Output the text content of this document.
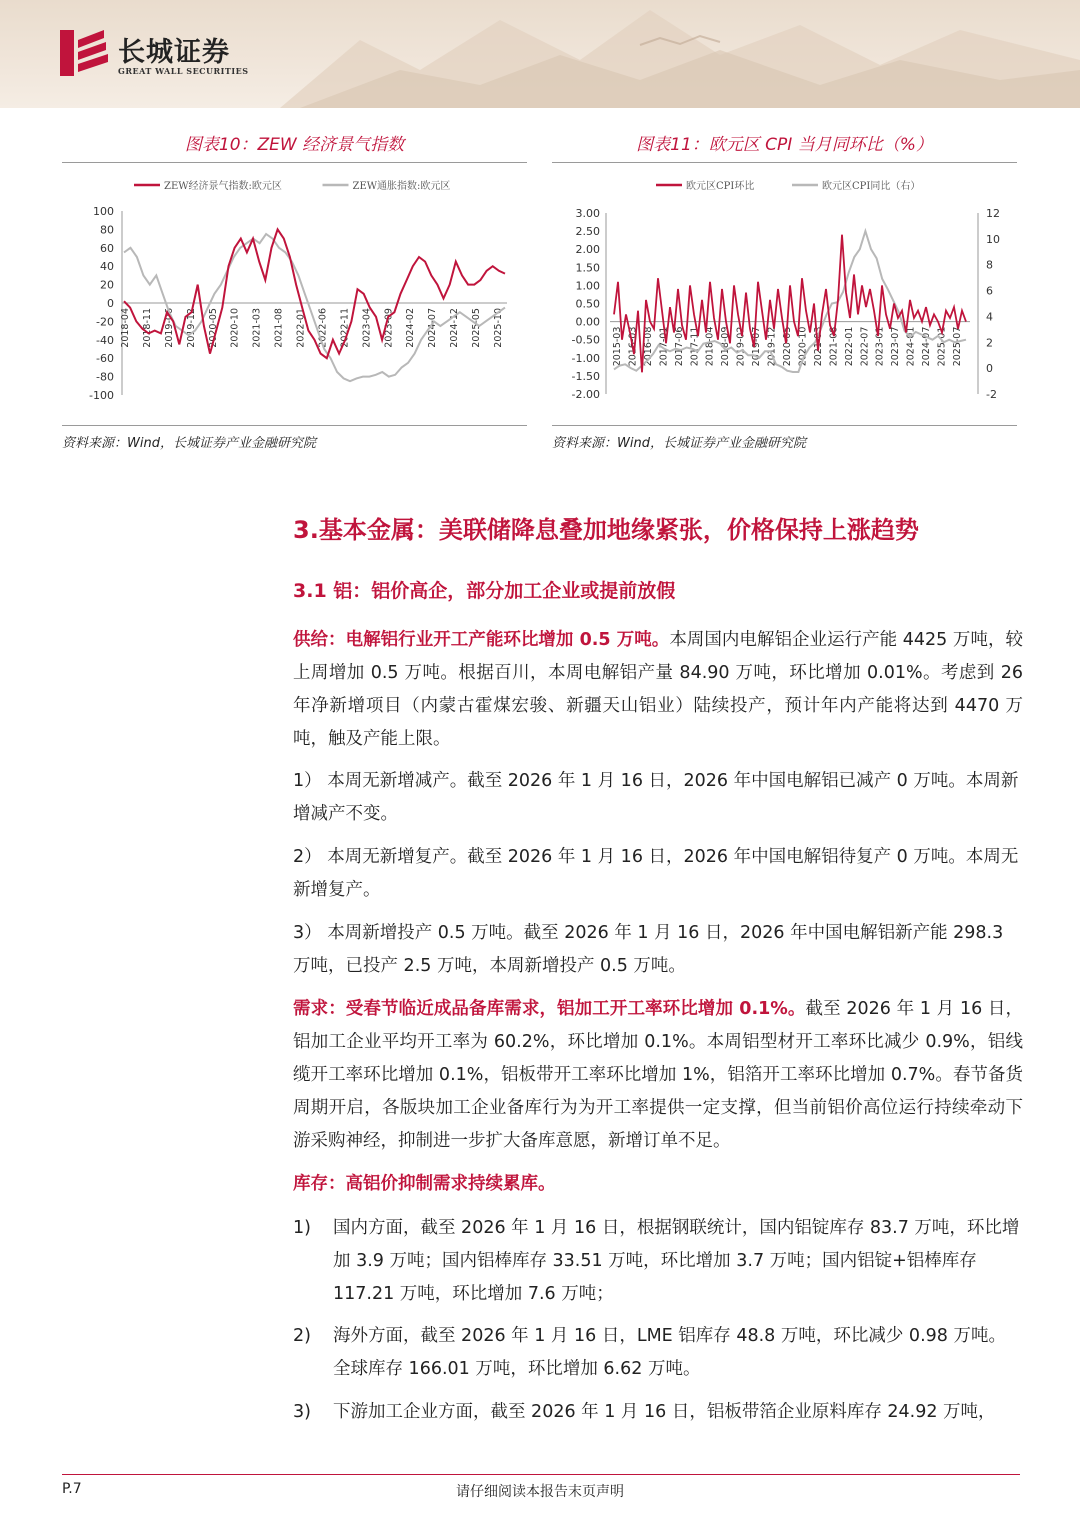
长城证券
GREAT WALL SECURITIES
图表10：ZEW 经济景气指数
ZEW经济景气指数:欧元区	ZEW通胀指数:欧元区
100
80
60
40
20
0
-20
-40
-60
-80
-100
2018-04 2018-11 2019-06 2019-12 2020-05 2020-10 2021-03 2021-08 2022-01 2022-06 2022-11 2023-04 2023-09 2024-02 2024-07 2024-12 2025-05 2025-10
资料来源：Wind，长城证券产业金融研究院
图表11：欧元区 CPI 当月同环比（%）
欧元区CPI环比	欧元区CPI同比（右）
3.00
2.50
2.00
1.50
1.00
0.50
0.00
-0.50
-1.00
-1.50
-2.00
12
10
8
6
4
2
0
-2
2015-03 2016-03 2016-08 2017-01 2017-06 2017-11 2018-04 2018-09 2019-02 2019-07 2019-12 2020-05 2020-10 2021-03 2021-08 2022-01 2022-07 2023-01 2023-07 2024-01 2024-07 2025-01 2025-07
资料来源：Wind，长城证券产业金融研究院
3.基本金属：美联储降息叠加地缘紧张，价格保持上涨趋势
3.1 铝：铝价高企，部分加工企业或提前放假
供给：电解铝行业开工产能环比增加 0.5 万吨。本周国内电解铝企业运行产能 4425 万吨，较上周增加 0.5 万吨。根据百川，本周电解铝产量 84.90 万吨，环比增加 0.01%。考虑到 26 年净新增项目（内蒙古霍煤宏骏、新疆天山铝业）陆续投产，预计年内产能将达到 4470 万吨，触及产能上限。
1） 本周无新增减产。截至 2026 年 1 月 16 日，2026 年中国电解铝已减产 0 万吨。本周新增减产不变。
2） 本周无新增复产。截至 2026 年 1 月 16 日，2026 年中国电解铝待复产 0 万吨。本周无新增复产。
3） 本周新增投产 0.5 万吨。截至 2026 年 1 月 16 日，2026 年中国电解铝新产能 298.3 万吨，已投产 2.5 万吨，本周新增投产 0.5 万吨。
需求：受春节临近成品备库需求，铝加工开工率环比增加 0.1%。截至 2026 年 1 月 16 日，铝加工企业平均开工率为 60.2%，环比增加 0.1%。本周铝型材开工率环比减少 0.9%，铝线缆开工率环比增加 0.1%，铝板带开工率环比增加 1%，铝箔开工率环比增加 0.7%。春节备货周期开启，各版块加工企业备库行为为开工率提供一定支撑，但当前铝价高位运行持续牵动下游采购神经，抑制进一步扩大备库意愿，新增订单不足。
库存：高铝价抑制需求持续累库。
1)	国内方面，截至 2026 年 1 月 16 日，根据钢联统计，国内铝锭库存 83.7 万吨，环比增加 3.9 万吨；国内铝棒库存 33.51 万吨，环比增加 3.7 万吨；国内铝锭+铝棒库存 117.21 万吨，环比增加 7.6 万吨；
2)	海外方面，截至 2026 年 1 月 16 日，LME 铝库存 48.8 万吨，环比减少 0.98 万吨。全球库存 166.01 万吨，环比增加 6.62 万吨。
3)	下游加工企业方面，截至 2026 年 1 月 16 日，铝板带箔企业原料库存 24.92 万吨，
P.7	请仔细阅读本报告末页声明
